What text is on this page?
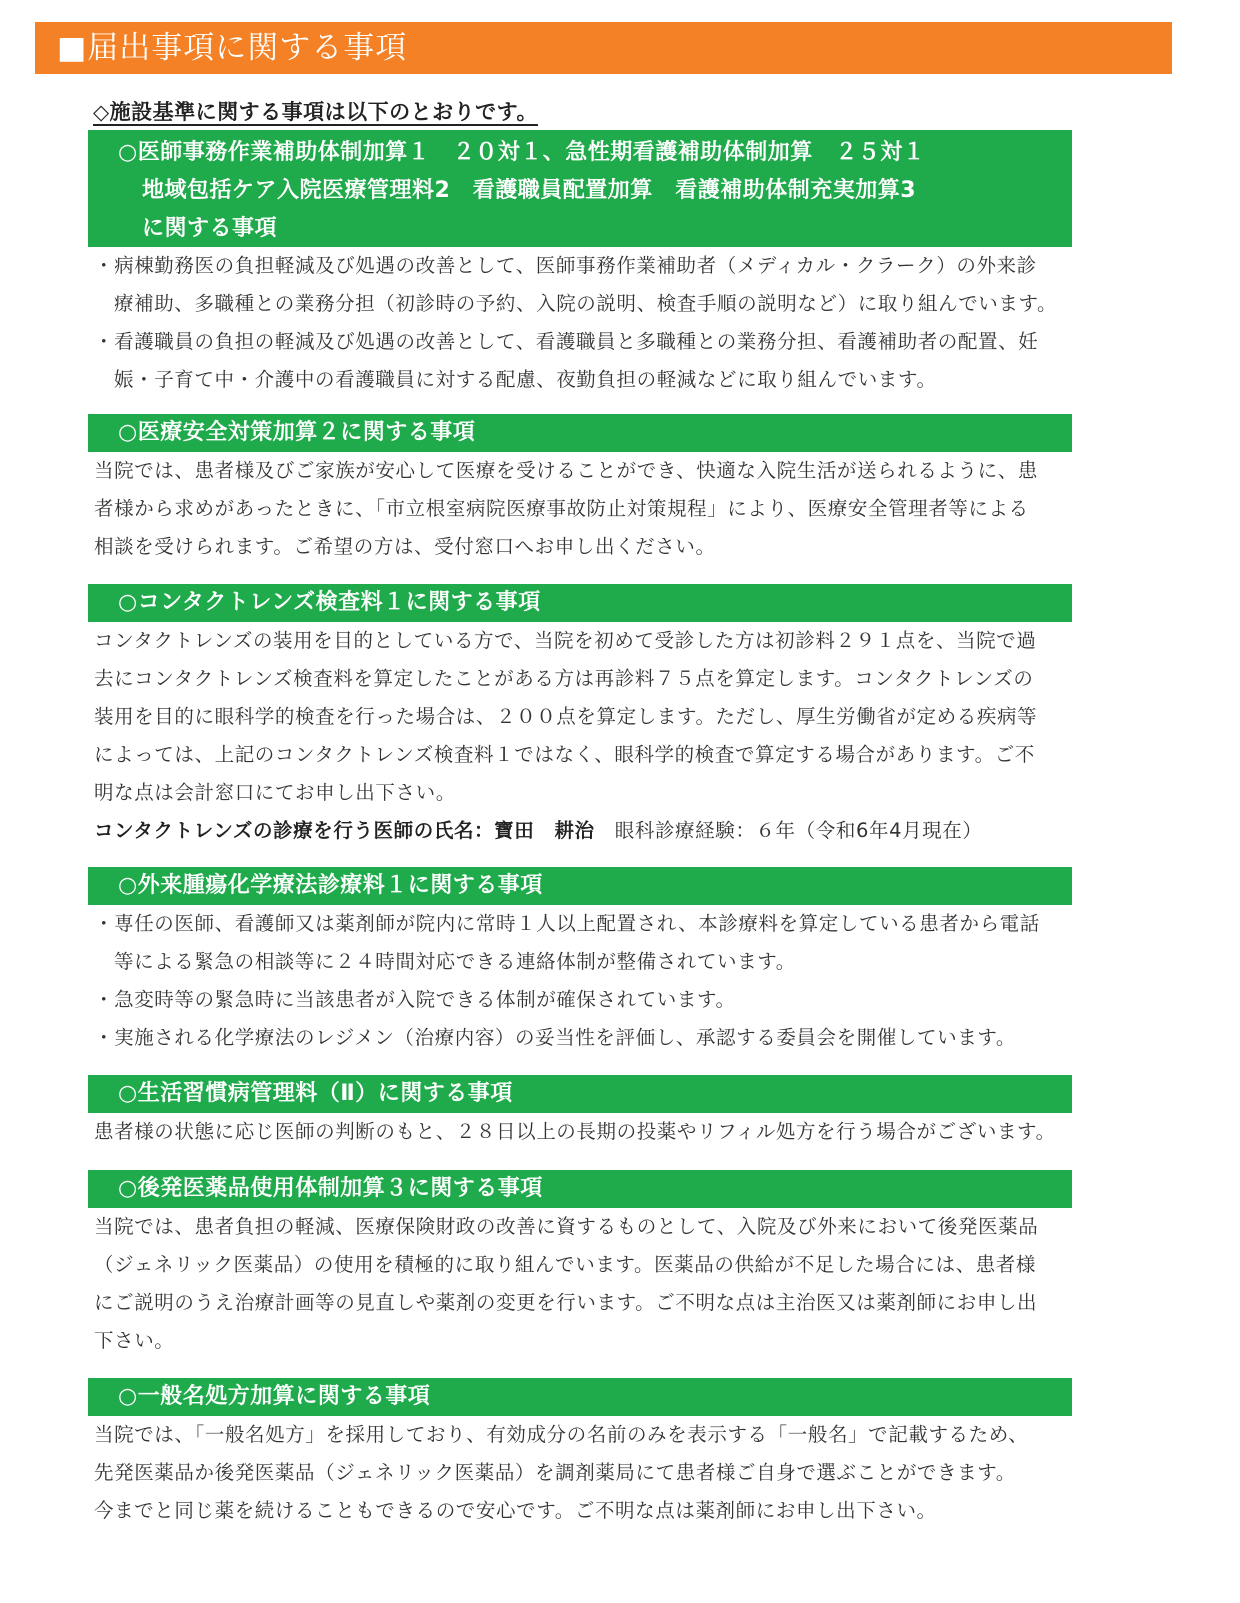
■届出事項に関する事項
◇施設基準に関する事項は以下のとおりです。
○医師事務作業補助体制加算１　２０対１、急性期看護補助体制加算　２５対１
地域包括ケア入院医療管理料2　看護職員配置加算　看護補助体制充実加算3
に関する事項
・病棟勤務医の負担軽減及び処遇の改善として、医師事務作業補助者（メディカル・クラーク）の外来診
療補助、多職種との業務分担（初診時の予約、入院の説明、検査手順の説明など）に取り組んでいます。
・看護職員の負担の軽減及び処遇の改善として、看護職員と多職種との業務分担、看護補助者の配置、妊
娠・子育て中・介護中の看護職員に対する配慮、夜勤負担の軽減などに取り組んでいます。
○医療安全対策加算２に関する事項
当院では、患者様及びご家族が安心して医療を受けることができ、快適な入院生活が送られるように、患
者様から求めがあったときに、「市立根室病院医療事故防止対策規程」により、医療安全管理者等による
相談を受けられます。ご希望の方は、受付窓口へお申し出ください。
○コンタクトレンズ検査料１に関する事項
コンタクトレンズの装用を目的としている方で、当院を初めて受診した方は初診料２９１点を、当院で過
去にコンタクトレンズ検査料を算定したことがある方は再診料７５点を算定します。コンタクトレンズの
装用を目的に眼科学的検査を行った場合は、２００点を算定します。ただし、厚生労働省が定める疾病等
によっては、上記のコンタクトレンズ検査料１ではなく、眼科学的検査で算定する場合があります。ご不
明な点は会計窓口にてお申し出下さい。
コンタクトレンズの診療を行う医師の氏名：寶田　耕治　眼科診療経験：６年（令和6年4月現在）
○外来腫瘍化学療法診療料１に関する事項
・専任の医師、看護師又は薬剤師が院内に常時１人以上配置され、本診療料を算定している患者から電話
等による緊急の相談等に２４時間対応できる連絡体制が整備されています。
・急変時等の緊急時に当該患者が入院できる体制が確保されています。
・実施される化学療法のレジメン（治療内容）の妥当性を評価し、承認する委員会を開催しています。
○生活習慣病管理料（Ⅱ）に関する事項
患者様の状態に応じ医師の判断のもと、２８日以上の長期の投薬やリフィル処方を行う場合がございます。
○後発医薬品使用体制加算３に関する事項
当院では、患者負担の軽減、医療保険財政の改善に資するものとして、入院及び外来において後発医薬品
（ジェネリック医薬品）の使用を積極的に取り組んでいます。医薬品の供給が不足した場合には、患者様
にご説明のうえ治療計画等の見直しや薬剤の変更を行います。ご不明な点は主治医又は薬剤師にお申し出
下さい。
○一般名処方加算に関する事項
当院では、「一般名処方」を採用しており、有効成分の名前のみを表示する「一般名」で記載するため、
先発医薬品か後発医薬品（ジェネリック医薬品）を調剤薬局にて患者様ご自身で選ぶことができます。
今までと同じ薬を続けることもできるので安心です。ご不明な点は薬剤師にお申し出下さい。
